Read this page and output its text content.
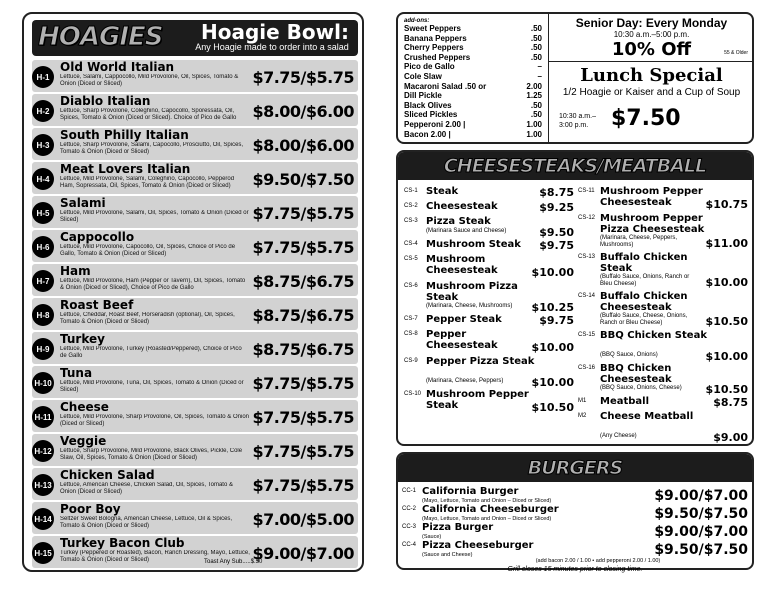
HOAGIES	Hoagie Bowl:
Any Hoagie made to order into a salad
H-1
Old World Italian
Lettuce, Salami, Cappocollo, Mild Provolone, Oil, Spices, Tomato & Onion (Diced or Sliced)	$7.75/$5.75
H-2
Diablo Italian
Lettuce, Sharp Provolone, Coleghino, Capocollo, Sporessata, Oil, Spices, Tomato & Onion (Diced or Sliced). Choice of Pico de Gallo	$8.00/$6.00
H-3
South Philly Italian
Lettuce, Sharp Provolone, Salami, Capocollo, Prosciutto, Oil, Spices, Tomato & Onion (Diced or Sliced)	$8.00/$6.00
H-4
Meat Lovers Italian
Lettuce, Mild Provolone, Salami, Coleghino, Capocollo, Pepperod Ham, Sopressata, Oil, Spices, Tomato & Onion (Diced or Sliced)	$9.50/$7.50
H-5
Salami
Lettuce, Mild Provolone, Salami, Oil, Spices, Tomato & Onion (Diced or Sliced)	$7.75/$5.75
H-6
Cappocollo
Lettuce, Mild Provolone, Capocollo, Oil, Spices, Choice of Pico de Gallo, Tomato & Onion (Diced or Sliced)	$7.75/$5.75
H-7
Ham
Lettuce, Mild Provolone, Ham (Pepper or Tavern), Oil, Spices, Tomato & Onion (Diced or Sliced), Choice of Pico de Gallo	$8.75/$6.75
H-8
Roast Beef
Lettuce, Cheddar, Roast Beef, Horseradish (optional), Oil, Spices, Tomato & Onion (Diced or Sliced)	$8.75/$6.75
H-9
Turkey
Lettuce, Mild Provolone, Turkey (Roasted/Peppered), Choice of Pico de Gallo	$8.75/$6.75
H-10
Tuna
Lettuce, Mild Provolone, Tuna, Oil, Spices, Tomato & Onion (Diced or Sliced)	$7.75/$5.75
H-11
Cheese
Lettuce, Mild Provolone, Sharp Provolone, Oil, Spices, Tomato & Onion (Diced or Sliced)	$7.75/$5.75
H-12
Veggie
Lettuce, Sharp Provolone, Mild Provolone, Black Olives, Pickle, Cole Slaw, Oil, Spices, Tomato & Onion (Diced or Sliced)	$7.75/$5.75
H-13
Chicken Salad
Lettuce, American Cheese, Chicken Salad, Oil, Spices, Tomato & Onion (Diced or Sliced)	$7.75/$5.75
H-14
Poor Boy
Seltzer Sweet Bologna, American Cheese, Lettuce, Oil & Spices, Tomato & Onion (Diced or Sliced)	$7.00/$5.00
H-15
Turkey Bacon Club
Turkey (Peppered or Roasted), Bacon, Ranch Dressing, Mayo, Lettuce, Tomato & Onion (Diced or Sliced)	$9.00/$7.00
Toast Any Sub.....$.50
add-ons:
Sweet Peppers	.50
Banana Peppers	.50
Cherry Peppers	.50
Crushed Peppers	.50
Pico de Gallo	–
Cole Slaw	–
Macaroni Salad .50 or	2.00
Dill Pickle	1.25
Black Olives	.50
Sliced Pickles	.50
Pepperoni 2.00 |	1.00
Bacon 2.00 |	1.00
Senior Day: Every Monday
10:30 a.m.–5:00 p.m.
10% Off	55 & Older
Lunch Special
1/2 Hoagie or Kaiser and a Cup of Soup
10:30 a.m.–
3:00 p.m.	$7.50
CHEESESTEAKS/MEATBALL
CS-1 Steak	$8.75
CS-2 Cheesesteak	$9.25
CS-3 Pizza Steak
(Marinara Sauce and Cheese)	$9.50
CS-4 Mushroom Steak $9.75
CS-5 Mushroom Cheesesteak	$10.00
CS-6 Mushroom Pizza Steak
(Marinara, Cheese, Mushrooms) $10.25
CS-7 Pepper Steak	$9.75
CS-8 Pepper Cheesesteak	$10.00
CS-9 Pepper Pizza Steak
(Marinara, Cheese, Peppers)	$10.00
CS-10 Mushroom Pepper Steak	$10.50
CS-11 Mushroom Pepper Cheesesteak	$10.75
CS-12 Mushroom Pepper Pizza Cheesesteak
(Marinara, Cheese, Peppers, Mushrooms)	$11.00
CS-13 Buffalo Chicken Steak
(Buffalo Sauce, Onions, Ranch or Bleu Cheese)	$10.00
CS-14 Buffalo Chicken Cheesesteak
(Buffalo Sauce, Cheese, Onions, Ranch or Bleu Cheese)	$10.50
CS-15 BBQ Chicken Steak
(BBQ Sauce, Onions)	$10.00
CS-16 BBQ Chicken Cheesesteak
(BBQ Sauce, Onions, Cheese) $10.50
M1 Meatball	$8.75
M2 Cheese Meatball
(Any Cheese)	$9.00
BURGERS
CC-1 California Burger
(Mayo, Lettuce, Tomato and Onion – Diced or Sliced)	$9.00/$7.00
CC-2 California Cheeseburger
(Mayo, Lettuce, Tomato and Onion – Diced or Sliced)	$9.50/$7.50
CC-3 Pizza Burger
(Sauce)	$9.00/$7.00
CC-4 Pizza Cheeseburger
(Sauce and Cheese)	$9.50/$7.50
(add bacon 2.00 / 1.00 • add pepperoni 2.00 / 1.00)
Grill closes 15 minutes prior to closing time.
